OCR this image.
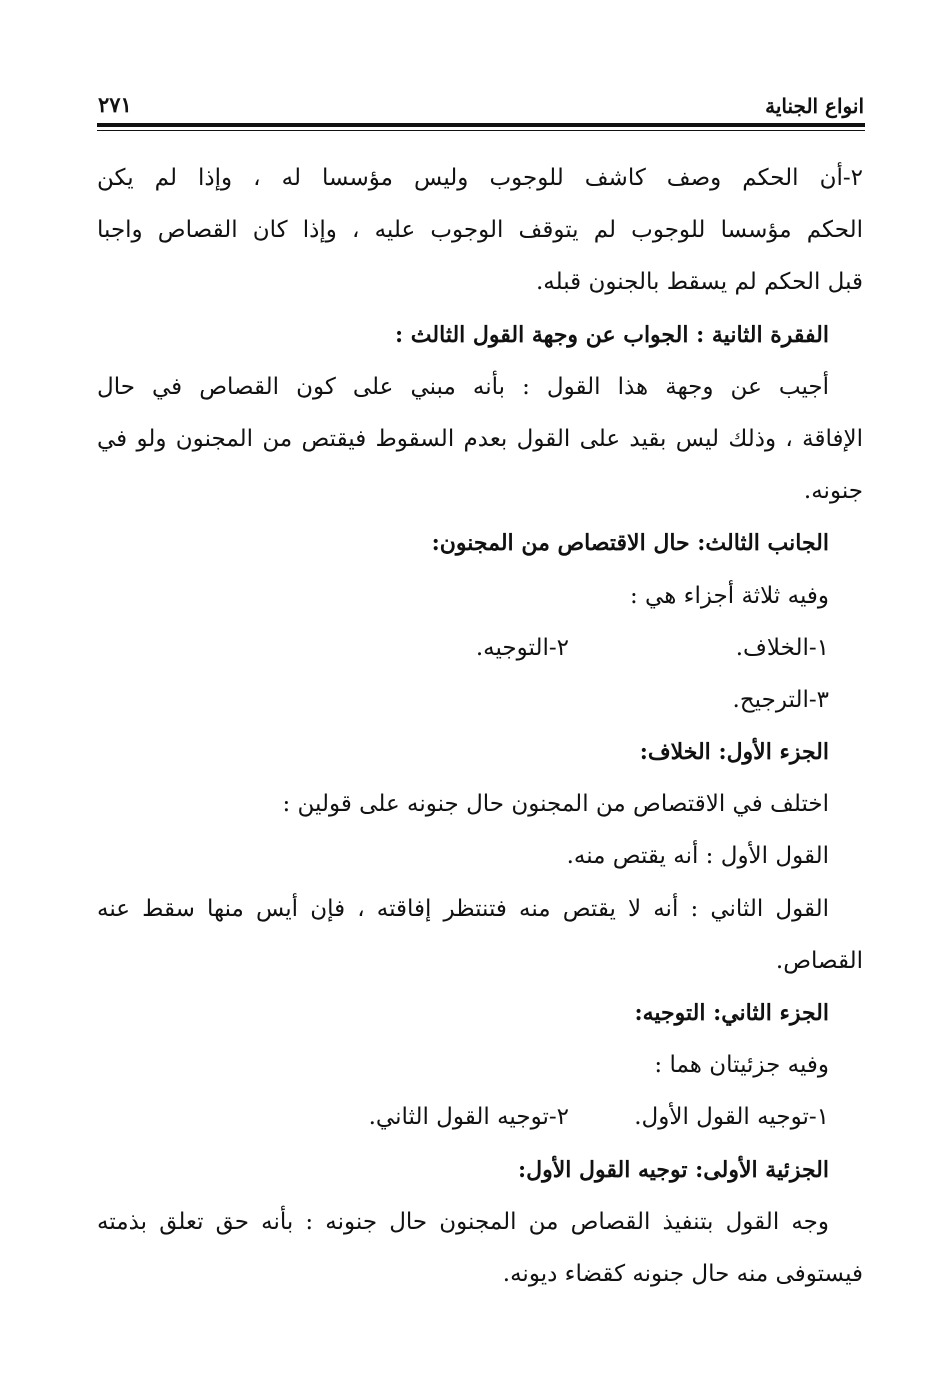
انواع الجناية
٢٧١
٢-أن الحكم وصف كاشف للوجوب وليس مؤسسا له ، وإذا لم يكن
الحكم مؤسسا للوجوب لم يتوقف الوجوب عليه ، وإذا كان القصاص واجبا
قبل الحكم لم يسقط بالجنون قبله.
الفقرة الثانية : الجواب عن وجهة القول الثالث :
أجيب عن وجهة هذا القول : بأنه مبني على كون القصاص في حال
الإفاقة ، وذلك ليس بقيد على القول بعدم السقوط فيقتص من المجنون ولو في
جنونه.
الجانب الثالث: حال الاقتصاص من المجنون:
وفيه ثلاثة أجزاء هي :
١-الخلاف.
٢-التوجيه.
٣-الترجيح.
الجزء الأول: الخلاف:
اختلف في الاقتصاص من المجنون حال جنونه على قولين :
القول الأول : أنه يقتص منه.
القول الثاني : أنه لا يقتص منه فتنتظر إفاقته ، فإن أيس منها سقط عنه
القصاص.
الجزء الثاني: التوجيه:
وفيه جزئيتان هما :
١-توجيه القول الأول.
٢-توجيه القول الثاني.
الجزئية الأولى: توجيه القول الأول:
وجه القول بتنفيذ القصاص من المجنون حال جنونه : بأنه حق تعلق بذمته
فيستوفى منه حال جنونه كقضاء ديونه.
